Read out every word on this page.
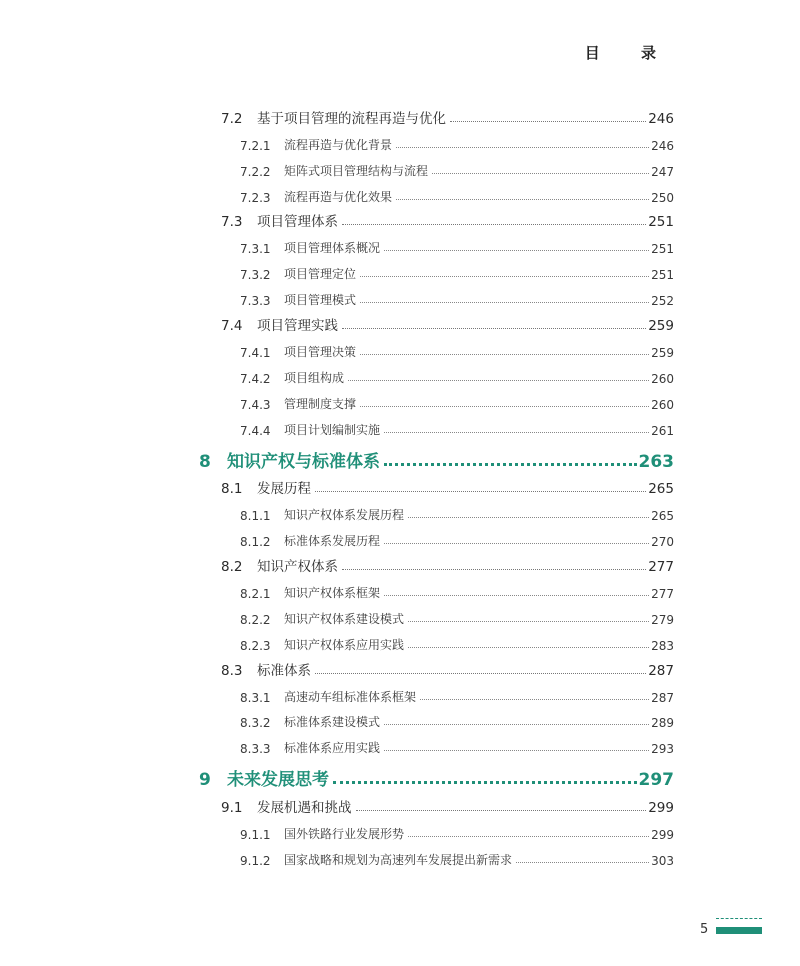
目 录
7.2	基于项目管理的流程再造与优化	246
7.2.1	流程再造与优化背景	246
7.2.2	矩阵式项目管理结构与流程	247
7.2.3	流程再造与优化效果	250
7.3	项目管理体系	251
7.3.1	项目管理体系概况	251
7.3.2	项目管理定位	251
7.3.3	项目管理模式	252
7.4	项目管理实践	259
7.4.1	项目管理决策	259
7.4.2	项目组构成	260
7.4.3	管理制度支撑	260
7.4.4	项目计划编制实施	261
8 知识产权与标准体系	263
8.1	发展历程	265
8.1.1	知识产权体系发展历程	265
8.1.2	标准体系发展历程	270
8.2	知识产权体系	277
8.2.1	知识产权体系框架	277
8.2.2	知识产权体系建设模式	279
8.2.3	知识产权体系应用实践	283
8.3	标准体系	287
8.3.1	高速动车组标准体系框架	287
8.3.2	标准体系建设模式	289
8.3.3	标准体系应用实践	293
9 未来发展思考	297
9.1	发展机遇和挑战	299
9.1.1	国外铁路行业发展形势	299
9.1.2	国家战略和规划为高速列车发展提出新需求	303
5
